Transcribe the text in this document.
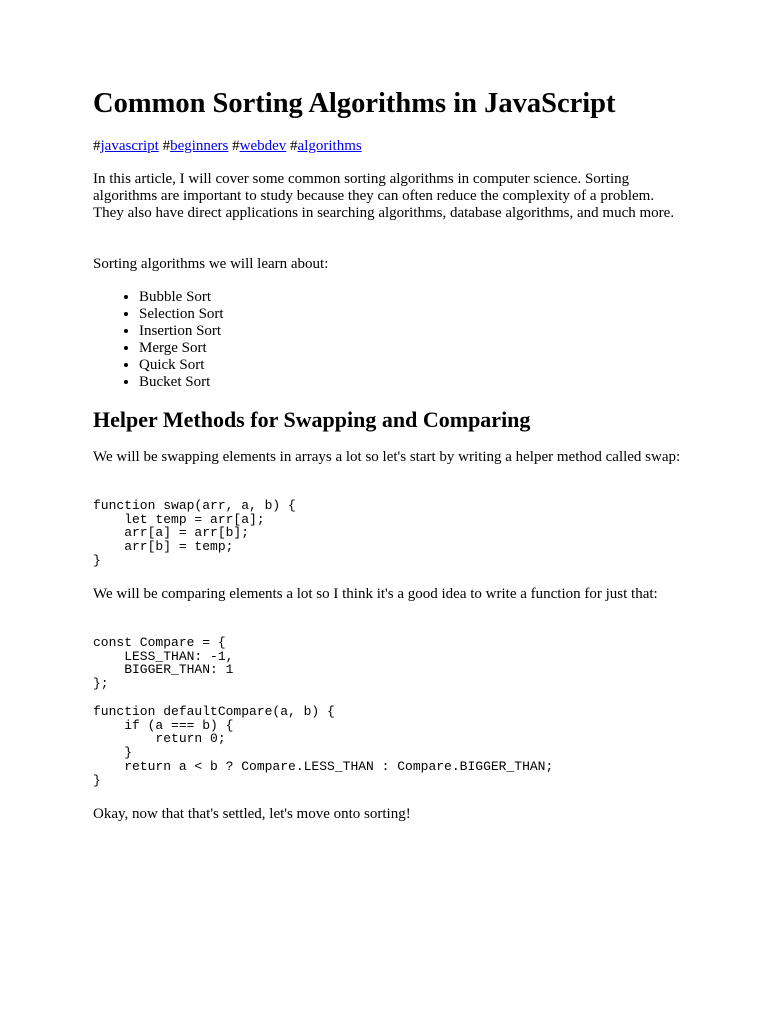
Common Sorting Algorithms in JavaScript
#javascript #beginners #webdev #algorithms

In this article, I will cover some common sorting algorithms in computer science. Sorting algorithms are important to study because they can often reduce the complexity of a problem. They also have direct applications in searching algorithms, database algorithms, and much more.

Sorting algorithms we will learn about:

• Bubble Sort
• Selection Sort
• Insertion Sort
• Merge Sort
• Quick Sort
• Bucket Sort
Helper Methods for Swapping and Comparing

We will be swapping elements in arrays a lot so let's start by writing a helper method called swap:

function swap(arr, a, b) {
let temp = arr[a];
arr[a] = arr[b];
arr[b] = temp;
}

We will be comparing elements a lot so I think it's a good idea to write a function for just that:

const Compare = {
LESS_THAN: -1,
BIGGER_THAN: 1
};
function defaultCompare(a, b) {
if (a === b) {
return 0;
}
return a < b ? Compare.LESS_THAN : Compare.BIGGER_THAN;
}

Okay, now that that's settled, let's move onto sorting!
